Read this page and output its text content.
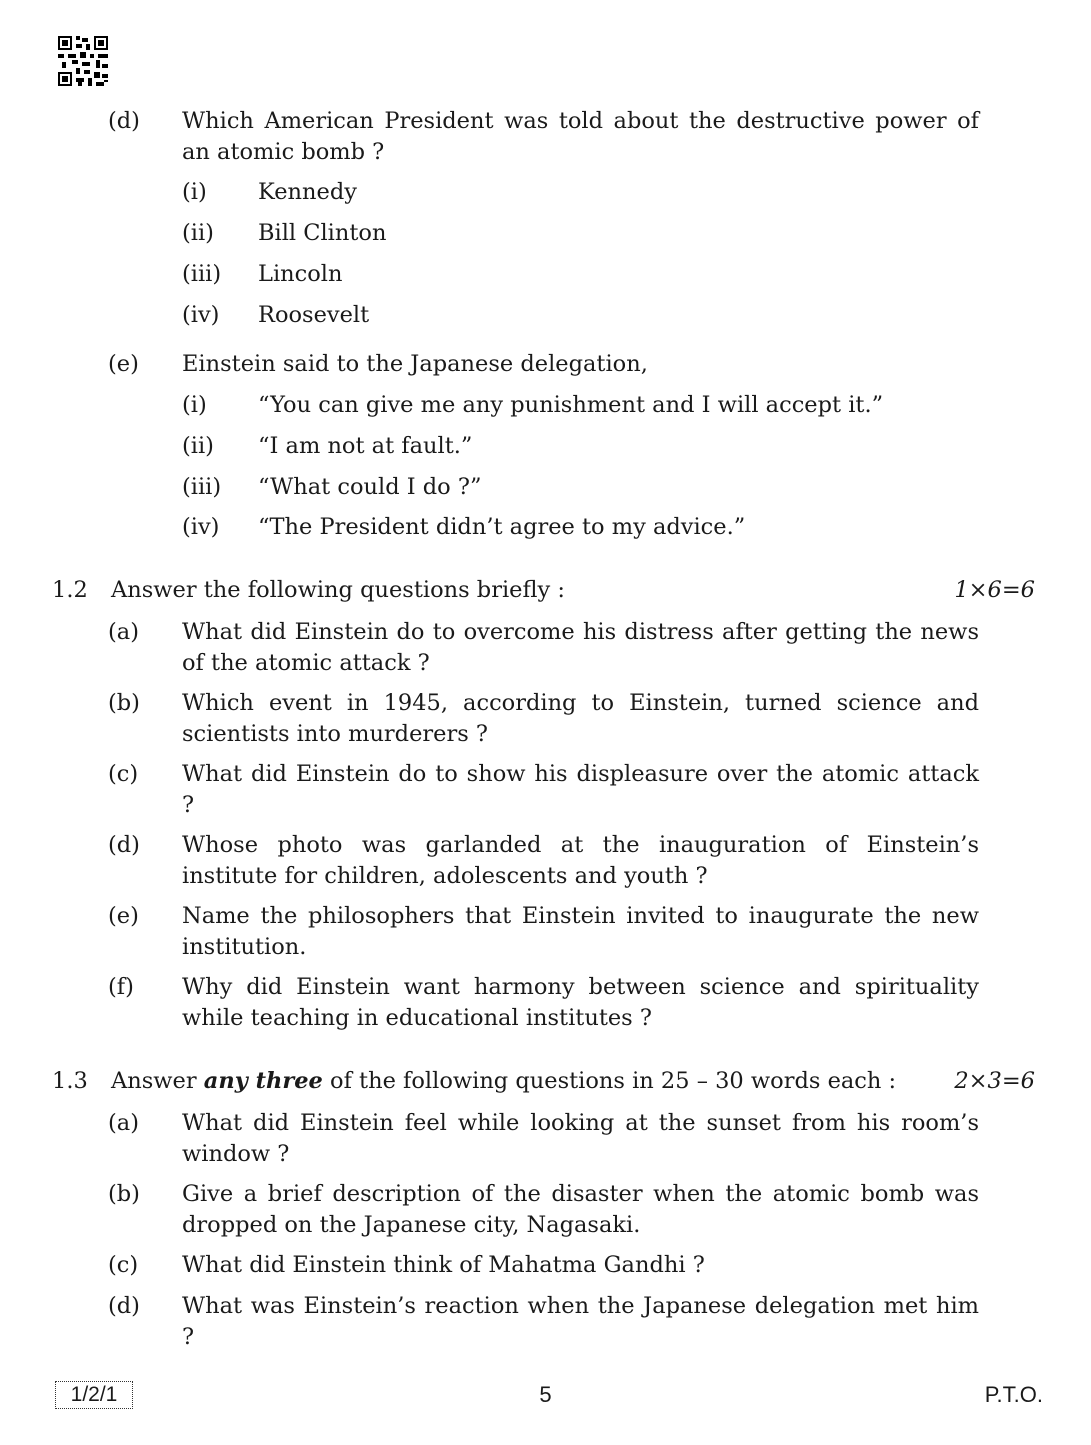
(d) Which American President was told about the destructive power of an atomic bomb ?
(i) Kennedy
(ii) Bill Clinton
(iii) Lincoln
(iv) Roosevelt
(e) Einstein said to the Japanese delegation,
(i) “You can give me any punishment and I will accept it.”
(ii) “I am not at fault.”
(iii) “What could I do ?”
(iv) “The President didn’t agree to my advice.”
1.2 Answer the following questions briefly :	1×6=6
(a) What did Einstein do to overcome his distress after getting the news of the atomic attack ?
(b) Which event in 1945, according to Einstein, turned science and scientists into murderers ?
(c) What did Einstein do to show his displeasure over the atomic attack ?
(d) Whose photo was garlanded at the inauguration of Einstein’s institute for children, adolescents and youth ?
(e) Name the philosophers that Einstein invited to inaugurate the new institution.
(f) Why did Einstein want harmony between science and spirituality while teaching in educational institutes ?
1.3 Answer any three of the following questions in 25 – 30 words each :	2×3=6
(a) What did Einstein feel while looking at the sunset from his room’s window ?
(b) Give a brief description of the disaster when the atomic bomb was dropped on the Japanese city, Nagasaki.
(c) What did Einstein think of Mahatma Gandhi ?
(d) What was Einstein’s reaction when the Japanese delegation met him ?
1/2/1	5	P.T.O.
